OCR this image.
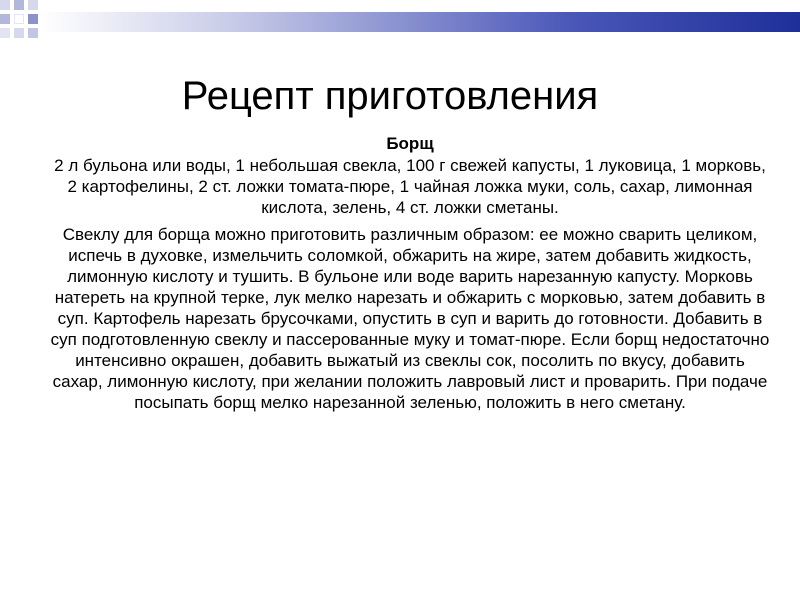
Рецепт приготовления
Борщ
2 л бульона или воды, 1 небольшая свекла, 100 г свежей капусты, 1 луковица, 1 морковь, 2 картофелины, 2 ст. ложки томата-пюре, 1 чайная ложка муки, соль, сахар, лимонная кислота, зелень, 4 ст. ложки сметаны.
Свеклу для борща можно приготовить различным образом: ее можно сварить целиком, испечь в духовке, измельчить соломкой, обжарить на жире, затем добавить жидкость, лимонную кислоту и тушить. В бульоне или воде варить нарезанную капусту. Морковь натереть на крупной терке, лук мелко нарезать и обжарить с морковью, затем добавить в суп. Картофель нарезать брусочками, опустить в суп и варить до готовности. Добавить в суп подготовленную свеклу и пассерованные муку и томат-пюре. Если борщ недостаточно интенсивно окрашен, добавить выжатый из свеклы сок, посолить по вкусу, добавить сахар, лимонную кислоту, при желании положить лавровый лист и проварить. При подаче посыпать борщ мелко нарезанной зеленью, положить в него сметану.
